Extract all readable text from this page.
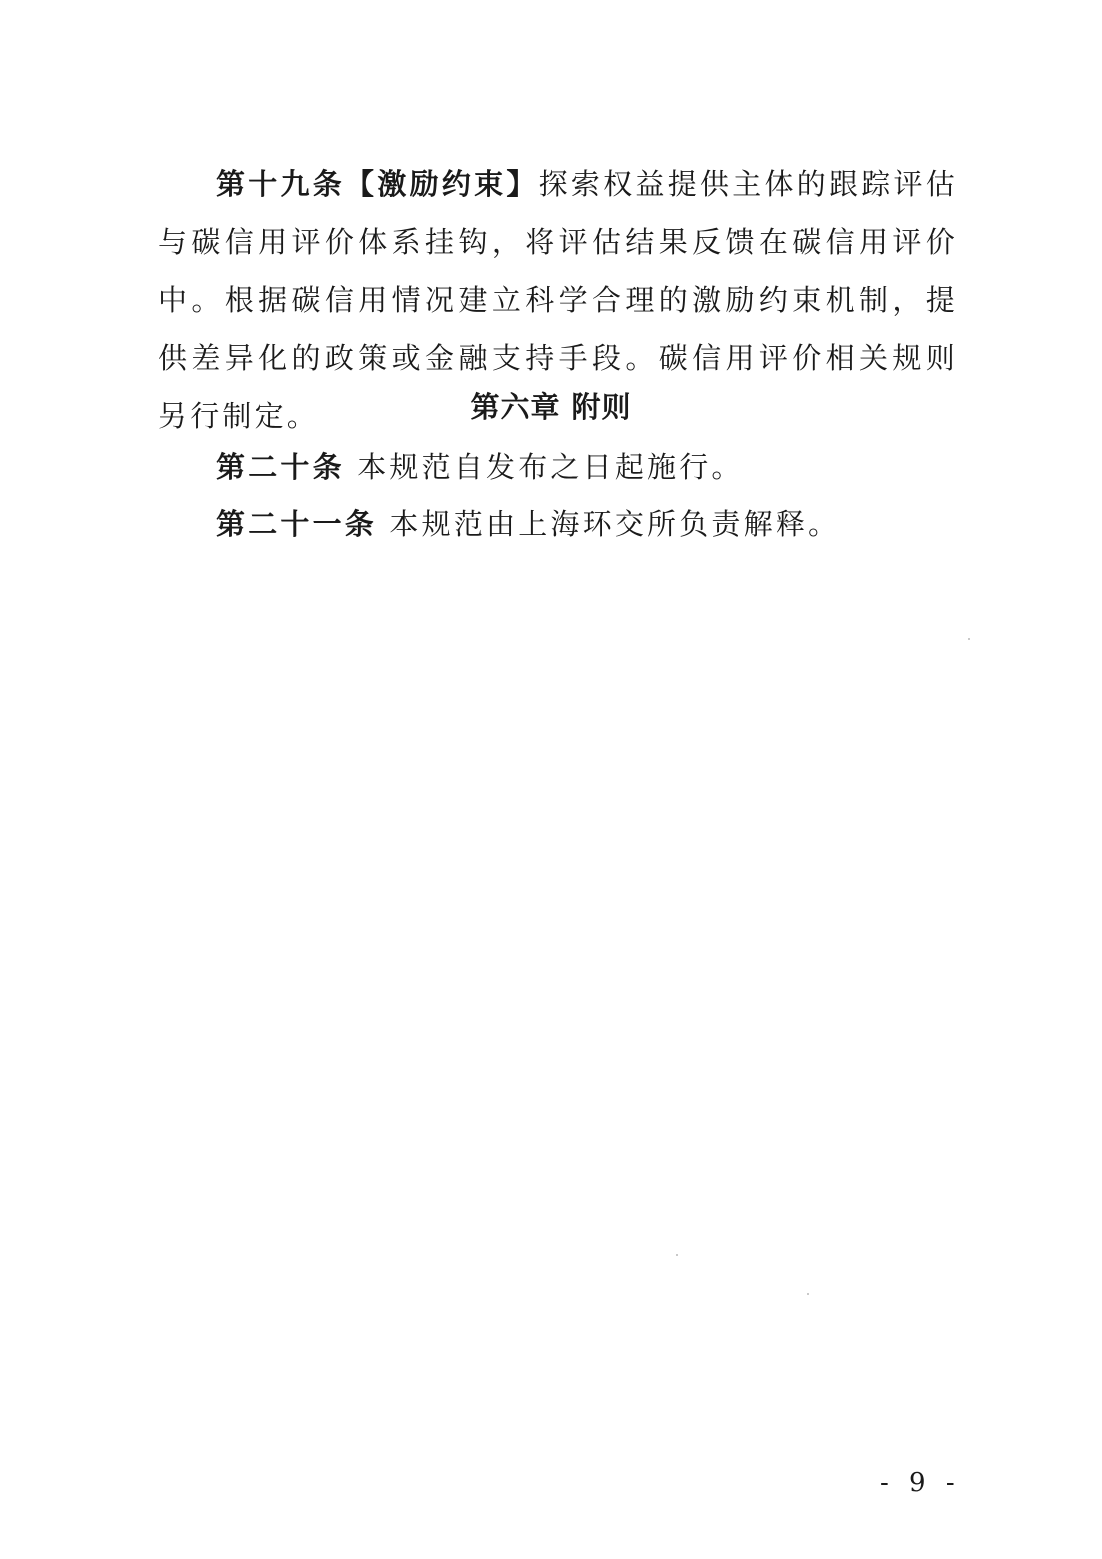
第十九条【激励约束】探索权益提供主体的跟踪评估与碳信用评价体系挂钩，将评估结果反馈在碳信用评价中。根据碳信用情况建立科学合理的激励约束机制，提供差异化的政策或金融支持手段。碳信用评价相关规则另行制定。	第六章 附则

第二十条 本规范自发布之日起施行。

第二十一条 本规范由上海环交所负责解释。

- 9 -
